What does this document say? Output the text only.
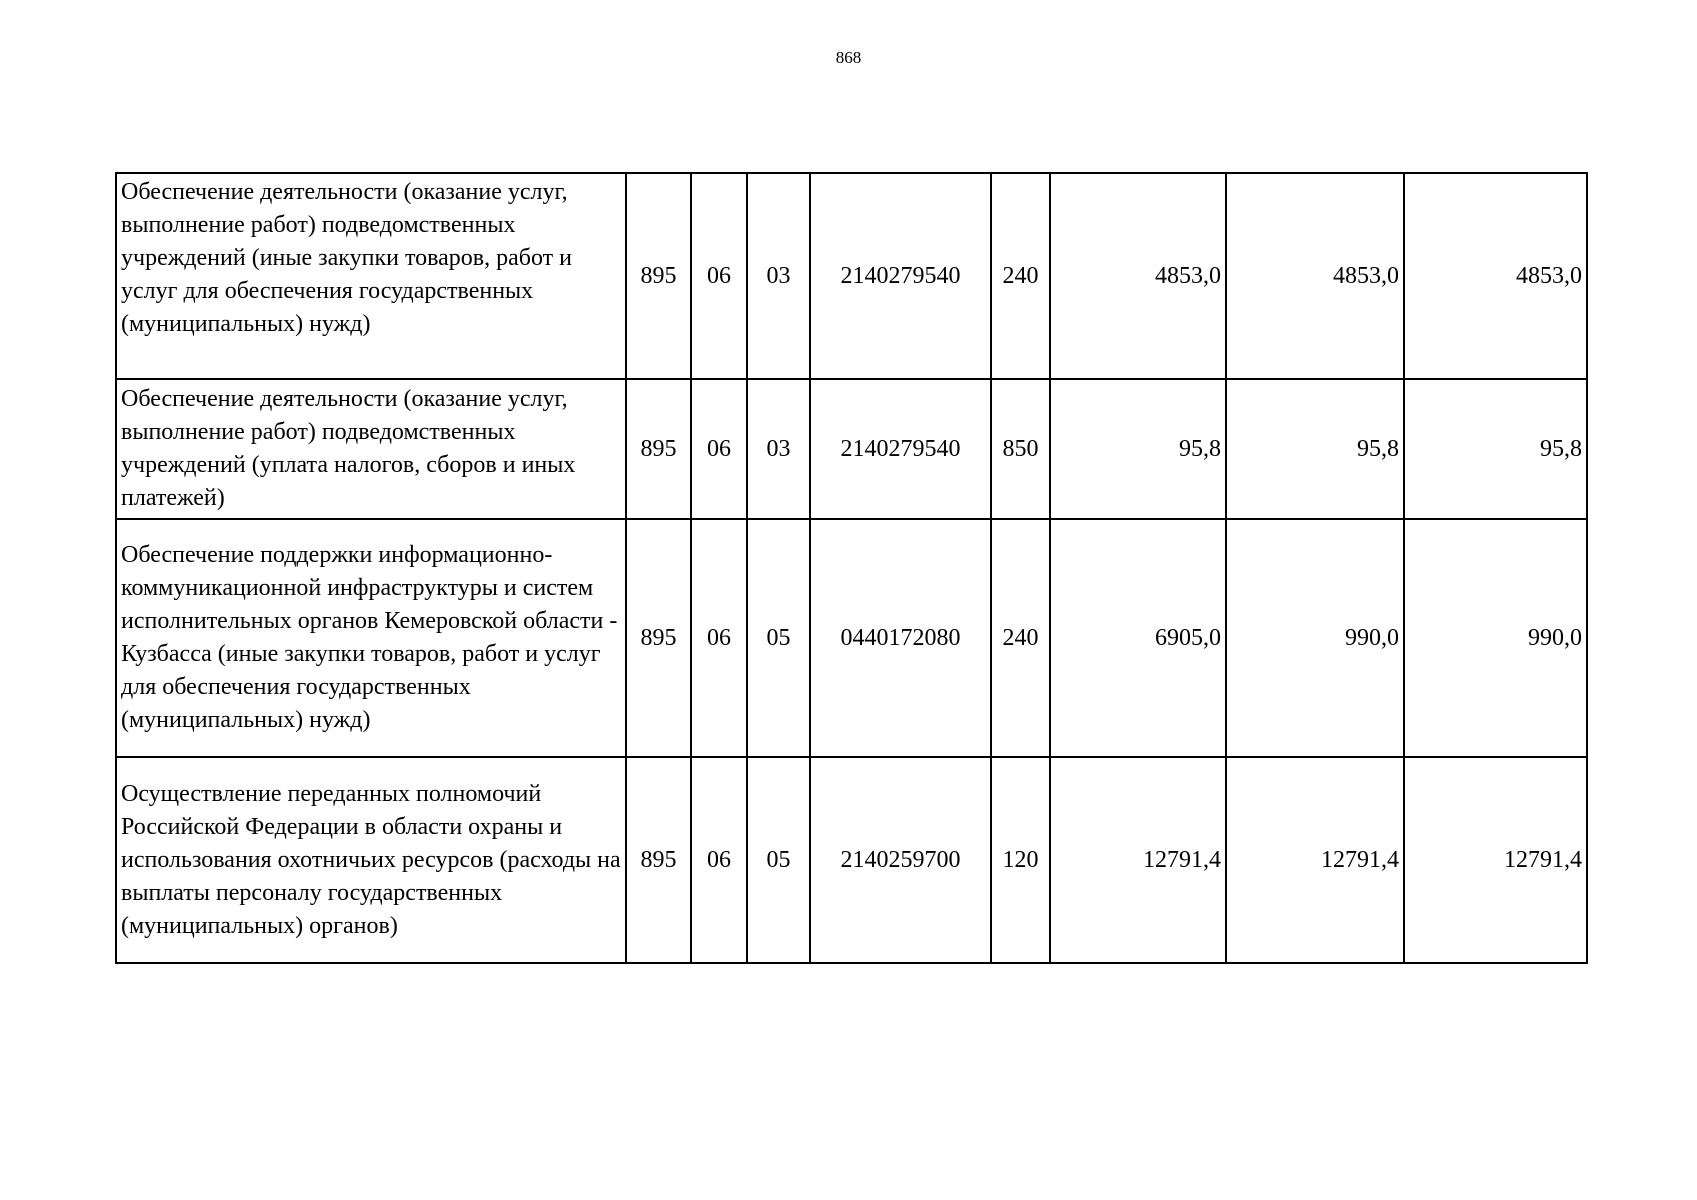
868
Обеспечение деятельности (оказание услуг, выполнение работ) подведомственных учреждений (иные закупки товаров, работ и услуг для обеспечения государственных (муниципальных) нужд)	895	06	03	2140279540	240	4853,0	4853,0	4853,0
Обеспечение деятельности (оказание услуг, выполнение работ) подведомственных учреждений (уплата налогов, сборов и иных платежей)	895	06	03	2140279540	850	95,8	95,8	95,8
Обеспечение поддержки информационно-коммуникационной инфраструктуры и систем исполнительных органов Кемеровской области - Кузбасса (иные закупки товаров, работ и услуг для обеспечения государственных (муниципальных) нужд)	895	06	05	0440172080	240	6905,0	990,0	990,0
Осуществление переданных полномочий Российской Федерации в области охраны и использования охотничьих ресурсов (расходы на выплаты персоналу государственных (муниципальных) органов)	895	06	05	2140259700	120	12791,4	12791,4	12791,4
